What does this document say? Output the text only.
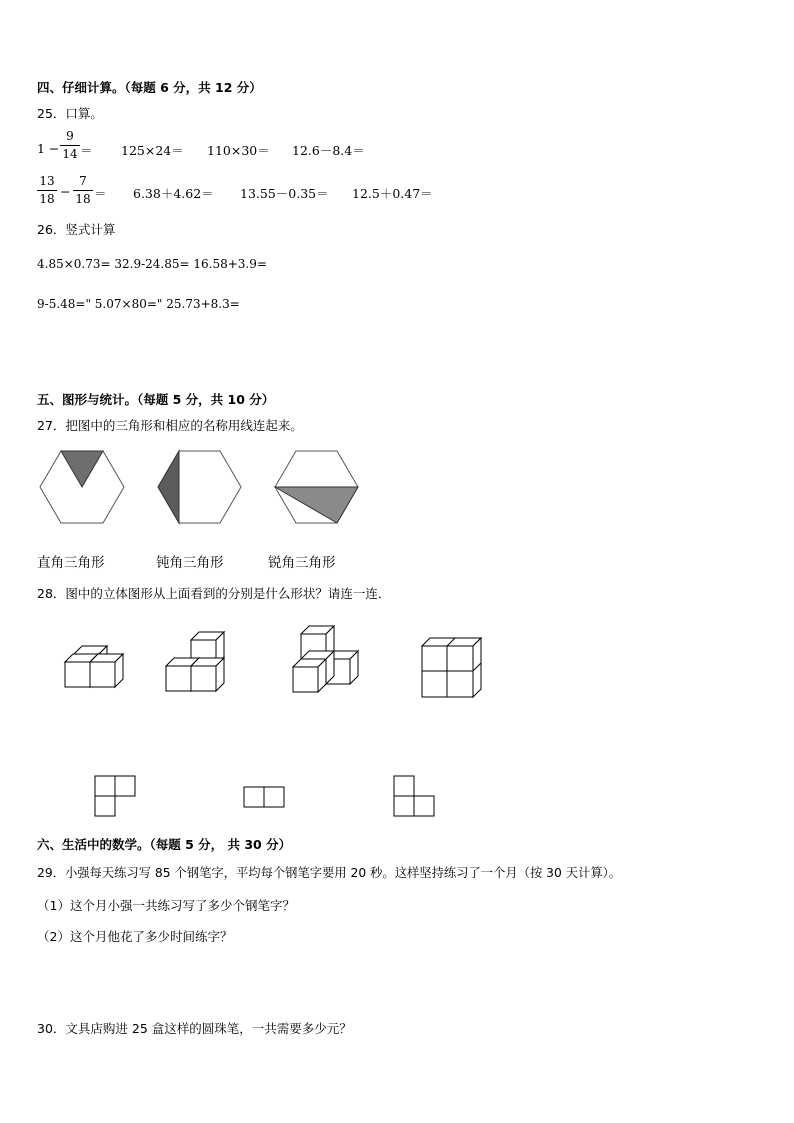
四、仔细计算。（每题 6 分，共 12 分）
25．口算。
1 −
9
14 ＝ 125×24＝ 110×30＝ 12.6－8.4＝
13
18 −
7
18 ＝ 6.38＋4.62＝ 13.55－0.35＝ 12.5＋0.47＝
26．竖式计算
4.85×0.73= 32.9-24.85= 16.58+3.9=
9-5.48=" 5.07×80=" 25.73+8.3=
五、图形与统计。（每题 5 分，共 10 分）
27．把图中的三角形和相应的名称用线连起来。
直角三角形	钝角三角形	锐角三角形
28．图中的立体图形从上面看到的分别是什么形状？请连一连．
六、生活中的数学。（每题 5 分， 共 30 分）
29．小强每天练习写 85 个钢笔字，平均每个钢笔字要用 20 秒。这样坚持练习了一个月（按 30 天计算）。
（1）这个月小强一共练习写了多少个钢笔字？
（2）这个月他花了多少时间练字？
30．文具店购进 25 盒这样的圆珠笔，一共需要多少元？
